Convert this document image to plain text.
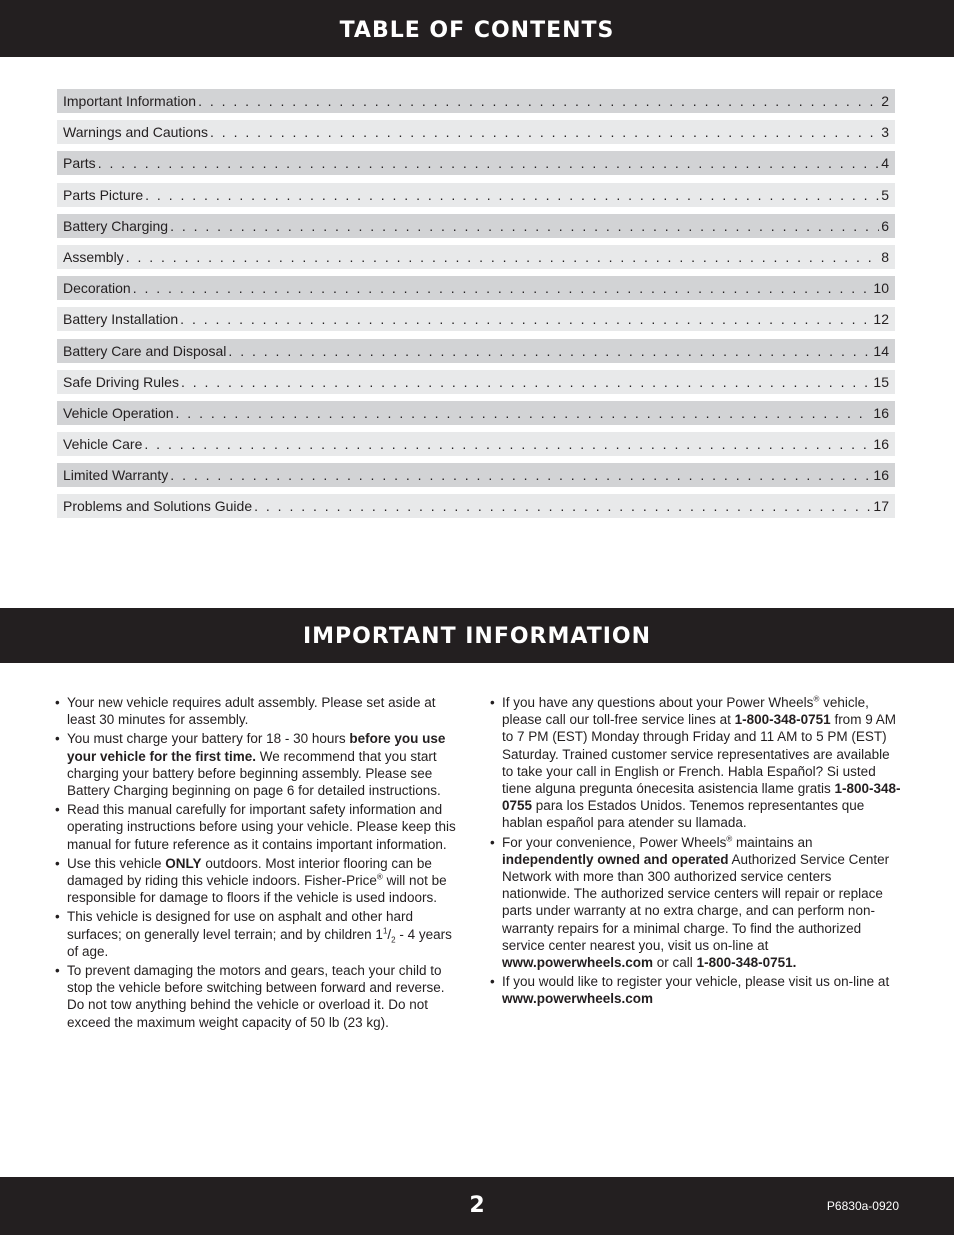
TABLE OF CONTENTS
Important Information . . .	2
Warnings and Cautions . . .	3
Parts . . .	4
Parts Picture . . .	5
Battery Charging . . .	6
Assembly . . .	8
Decoration . . .	10
Battery Installation . . .	12
Battery Care and Disposal . . .	14
Safe Driving Rules . . .	15
Vehicle Operation . . .	16
Vehicle Care . . .	16
Limited Warranty . . .	16
Problems and Solutions Guide . . .	17
IMPORTANT INFORMATION
• Your new vehicle requires adult assembly. Please set aside at least 30 minutes for assembly.
• You must charge your battery for 18 - 30 hours before you use your vehicle for the first time. We recommend that you start charging your battery before beginning assembly. Please see Battery Charging beginning on page 6 for detailed instructions.
• Read this manual carefully for important safety information and operating instructions before using your vehicle. Please keep this manual for future reference as it contains important information.
• Use this vehicle ONLY outdoors. Most interior flooring can be damaged by riding this vehicle indoors. Fisher-Price® will not be responsible for damage to floors if the vehicle is used indoors.
• This vehicle is designed for use on asphalt and other hard surfaces; on generally level terrain; and by children $1^1/_2 - 4$ years of age.
• To prevent damaging the motors and gears, teach your child to stop the vehicle before switching between forward and reverse. Do not tow anything behind the vehicle or overload it. Do not exceed the maximum weight capacity of 50 lb (23 kg).
• If you have any questions about your Power Wheels® vehicle, please call our toll-free service lines at 1-800-348-0751 from 9 AM to 7 PM (EST) Monday through Friday and 11 AM to 5 PM (EST) Saturday. Trained customer service representatives are available to take your call in English or French. Habla Español? Si usted tiene alguna pregunta ónecesita asistencia llame gratis 1-800-348-0755 para los Estados Unidos. Tenemos representantes que hablan español para atender su llamada.
• For your convenience, Power Wheels® maintains an independently owned and operated Authorized Service Center Network with more than 300 authorized service centers nationwide. The authorized service centers will repair or replace parts under warranty at no extra charge, and can perform non-warranty repairs for a minimal charge. To find the authorized service center nearest you, visit us on-line at www.powerwheels.com or call 1-800-348-0751.
• If you would like to register your vehicle, please visit us on-line at www.powerwheels.com
2	P6830a-0920
